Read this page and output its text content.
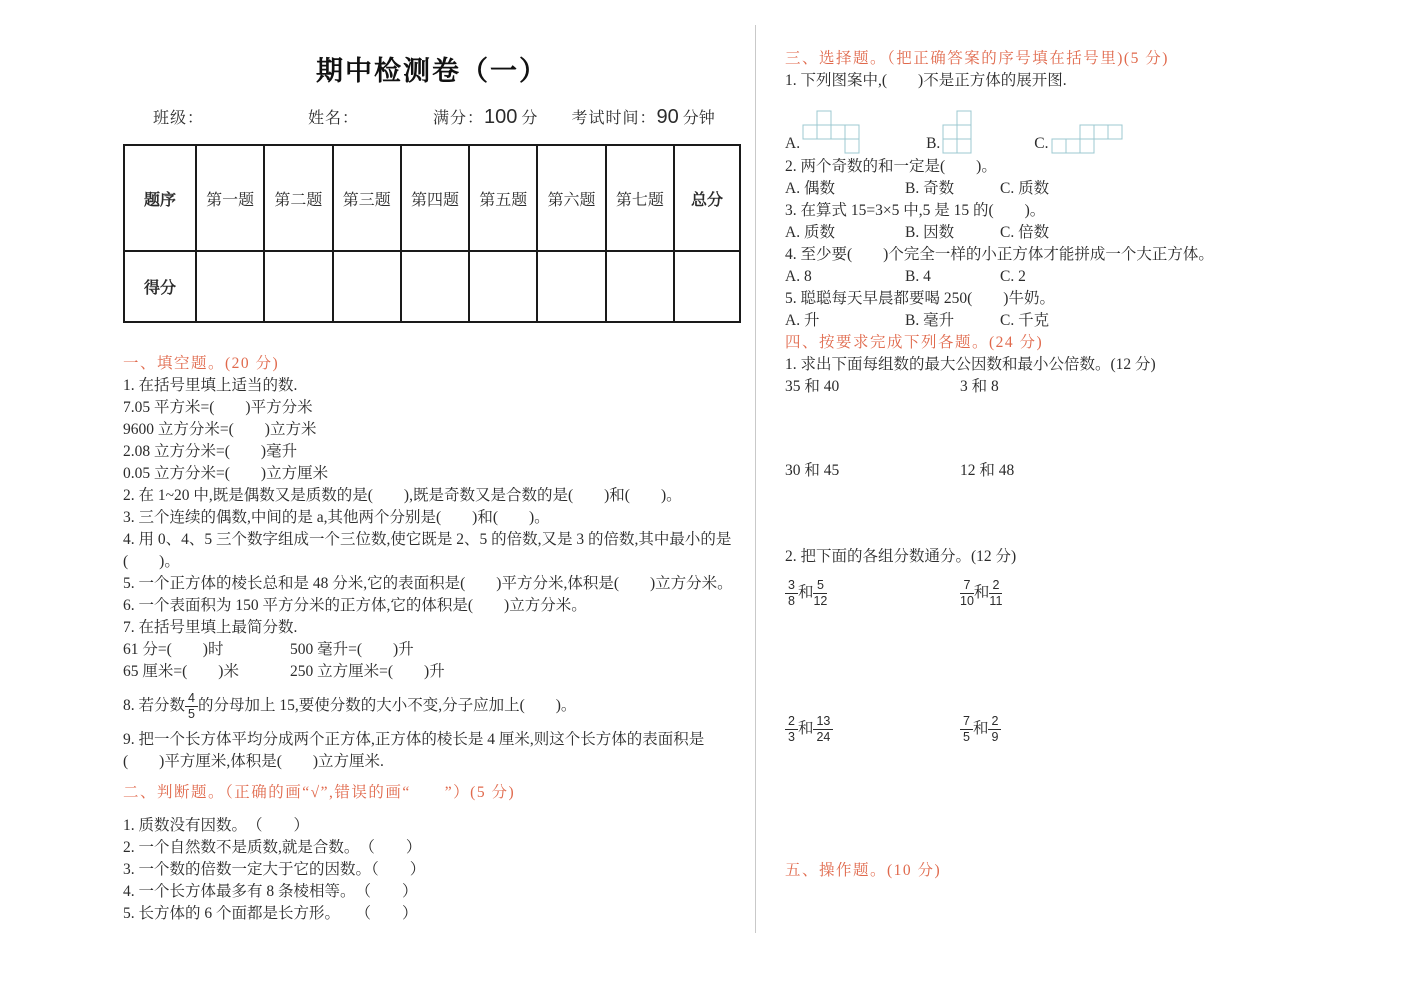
期中检测卷（一）
班级：	姓名：	满分：100 分 考试时间：90 分钟
题序	第一题	第二题	第三题	第四题	第五题	第六题	第七题	总分
得分								

一、填空题。(20 分)

1. 在括号里填上适当的数.

7.05 平方米=(　　)平方分米

9600 立方分米=(　　)立方米

2.08 立方分米=(　　)毫升

0.05 立方分米=(　　)立方厘米

2. 在 1~20 中,既是偶数又是质数的是(　　),既是奇数又是合数的是(　　)和(　　)。

3. 三个连续的偶数,中间的是 a,其他两个分别是(　　)和(　　)。

4. 用 0、4、5 三个数字组成一个三位数,使它既是 2、5 的倍数,又是 3 的倍数,其中最小的是(　　)。

5. 一个正方体的棱长总和是 48 分米,它的表面积是(　　)平方分米,体积是(　　)立方分米。

6. 一个表面积为 150 平方分米的正方体,它的体积是(　　)立方分米。

7. 在括号里填上最简分数.

61 分=(　　)时	500 毫升=(　　)升

65 厘米=(　　)米	250 立方厘米=(　　)升

8. 若分数 $\frac{4}{5}$ 的分母加上 15,要使分数的大小不变,分子应加上(　　)。

9. 把一个长方体平均分成两个正方体,正方体的棱长是 4 厘米,则这个长方体的表面积是(　　)平方厘米,体积是(　　)立方厘米.

二、判断题。（正确的画“√”,错误的画“　　”）(5 分)

1. 质数没有因数。　（　　）

2. 一个自然数不是质数,就是合数。　（　　）

3. 一个数的倍数一定大于它的因数。（　　）

4. 一个长方体最多有 8 条棱相等。　（　　）

5. 长方体的 6 个面都是长方形。　　（　　）

三、选择题。（把正确答案的序号填在括号里)(5 分)

1. 下列图案中,(　　)不是正方体的展开图.

A.	B.	C.

2. 两个奇数的和一定是(　　)。

A. 偶数	B. 奇数	C. 质数

3. 在算式 15=3×5 中,5 是 15 的(　　)。

A. 质数	B. 因数	C. 倍数

4. 至少要(　　)个完全一样的小正方体才能拼成一个大正方体。

A. 8	B. 4	C. 2

5. 聪聪每天早晨都要喝 250(　　)牛奶。

A. 升	B. 毫升	C. 千克

四、按要求完成下列各题。(24 分)

1. 求出下面每组数的最大公因数和最小公倍数。(12 分)

35 和 40	3 和 8

30 和 45	12 和 48

2. 把下面的各组分数通分。(12 分)

$\frac{3}{8}$ 和 $\frac{5}{12}$	$\frac{7}{10}$ 和 $\frac{2}{11}$
$\frac{2}{3}$ 和 $\frac{13}{24}$	$\frac{7}{5}$ 和 $\frac{2}{9}$

五、操作题。(10 分)
